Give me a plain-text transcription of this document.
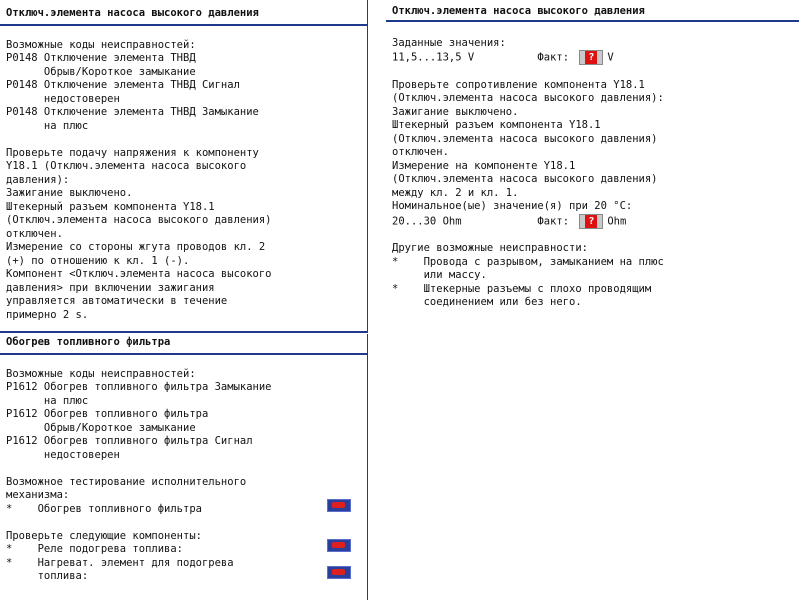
Отключ.элемента насоса высокого давления

Возможные коды неисправностей:
P0148 Отключение элемента ТНВД
Обрыв/Короткое замыкание
P0148 Отключение элемента ТНВД Сигнал
недостоверен
P0148 Отключение элемента ТНВД Замыкание
на плюс

Проверьте подачу напряжения к компоненту
Y18.1 (Отключ.элемента насоса высокого
давления):
Зажигание выключено.
Штекерный разъем компонента Y18.1
(Отключ.элемента насоса высокого давления)
отключен.
Измерение со стороны жгута проводов кл. 2
(+) по отношению к кл. 1 (-).
Компонент <Отключ.элемента насоса высокого
давления> при включении зажигания
управляется автоматически в течение
примерно 2 s.
Отключ.элемента насоса высокого давления

Заданные значения:
11,5...13,5 V	Факт: ? V

Проверьте сопротивление компонента Y18.1
(Отключ.элемента насоса высокого давления):
Зажигание выключено.
Штекерный разъем компонента Y18.1
(Отключ.элемента насоса высокого давления)
отключен.
Измерение на компоненте Y18.1
(Отключ.элемента насоса высокого давления)
между кл. 2 и кл. 1.
Номинальное(ые) значение(я) при 20 °C:
20...30 Ohm	Факт: ? Ohm

Другие возможные неисправности:
*    Провода с разрывом, замыканием на плюс
или массу.
*    Штекерные разъемы с плохо проводящим
соединением или без него.
Обогрев топливного фильтра

Возможные коды неисправностей:
P1612 Обогрев топливного фильтра Замыкание
на плюс
P1612 Обогрев топливного фильтра
Обрыв/Короткое замыкание
P1612 Обогрев топливного фильтра Сигнал
недостоверен

Возможное тестирование исполнительного
механизма:
*    Обогрев топливного фильтра

Проверьте следующие компоненты:
*    Реле подогрева топлива:
*    Нагреват. элемент для подогрева
топлива:
